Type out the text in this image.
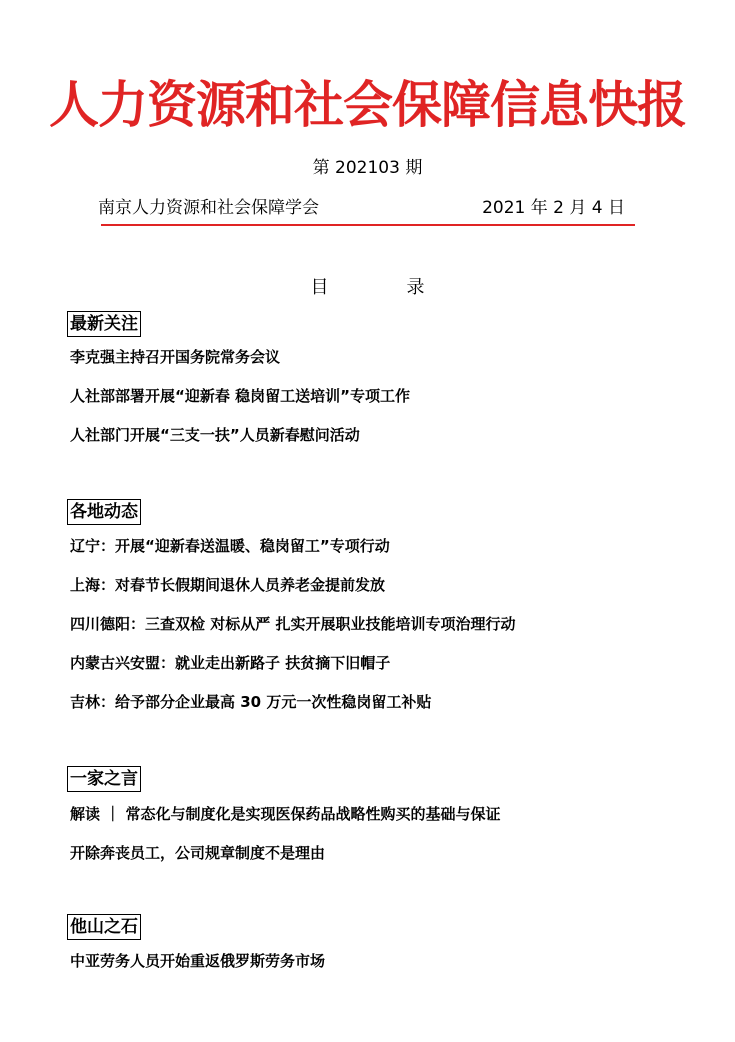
人力资源和社会保障信息快报
第 202103 期
南京人力资源和社会保障学会	2021 年 2 月 4 日
目录
最新关注
李克强主持召开国务院常务会议
人社部部署开展“迎新春 稳岗留工送培训”专项工作
人社部门开展“三支一扶”人员新春慰问活动
各地动态
辽宁：开展“迎新春送温暖、稳岗留工”专项行动
上海：对春节长假期间退休人员养老金提前发放
四川德阳：三查双检 对标从严 扎实开展职业技能培训专项治理行动
内蒙古兴安盟：就业走出新路子 扶贫摘下旧帽子
吉林：给予部分企业最高 30 万元一次性稳岗留工补贴
一家之言
解读 ｜ 常态化与制度化是实现医保药品战略性购买的基础与保证
开除奔丧员工，公司规章制度不是理由
他山之石
中亚劳务人员开始重返俄罗斯劳务市场
